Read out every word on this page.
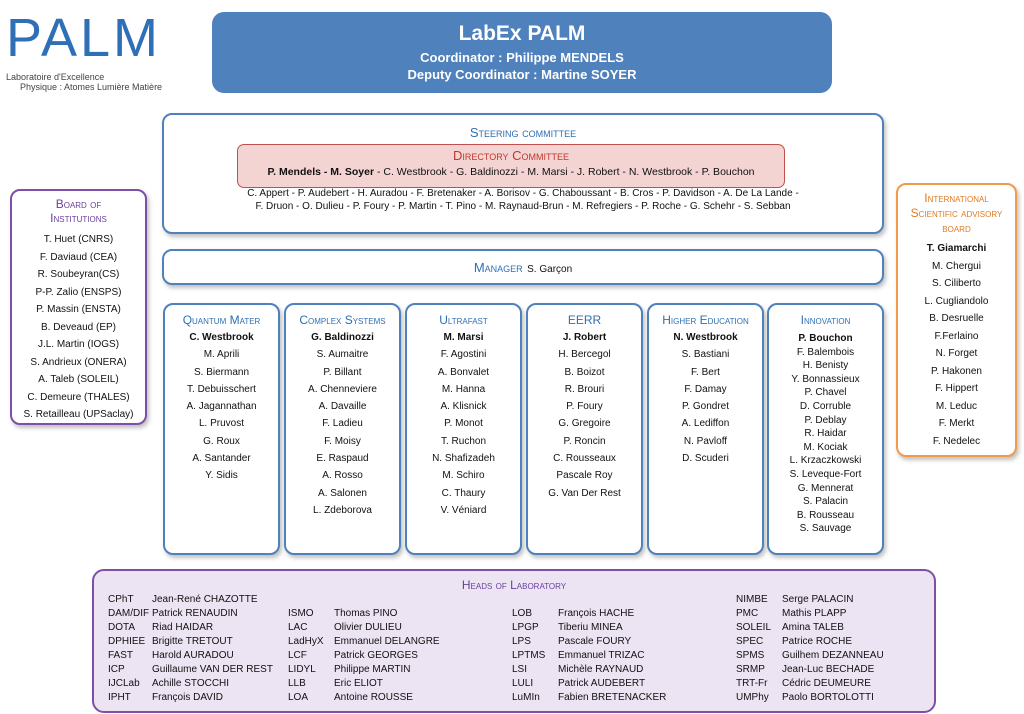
PALM
Laboratoire d'Excellence
Physique : Atomes Lumière Matière
LabEx PALM
Coordinator : Philippe MENDELS
Deputy Coordinator : Martine SOYER
Steering committee
C. Appert - P. Audebert - H. Auradou - F. Bretenaker - A. Borisov - G. Chaboussant - B. Cros - P. Davidson - A. De La Lande -
F. Druon - O. Dulieu - P. Foury - P. Martin - T. Pino - M. Raynaud-Brun - M. Refregiers - P. Roche - G. Schehr - S. Sebban
Directory Committee
P. Mendels - M. Soyer - C. Westbrook - G. Baldinozzi - M. Marsi - J. Robert - N. Westbrook - P. Bouchon
Manager S. Garçon
Board of
Institutions
T. Huet (CNRS)
F. Daviaud (CEA)
R. Soubeyran(CS)
P-P. Zalio (ENSPS)
P. Massin (ENSTA)
B. Deveaud (EP)
J.L. Martin (IOGS)
S. Andrieux (ONERA)
A. Taleb (SOLEIL)
C. Demeure (THALES)
S. Retailleau (UPSaclay)
International
Scientific advisory
board
T. Giamarchi
M. Chergui
S. Ciliberto
L. Cugliandolo
B. Desruelle
F.Ferlaino
N. Forget
P. Hakonen
F. Hippert
M. Leduc
F. Merkt
F. Nedelec
Quantum Mater
C. Westbrook
M. Aprili
S. Biermann
T. Debuisschert
A. Jagannathan
L. Pruvost
G. Roux
A. Santander
Y. Sidis
Complex Systems
G. Baldinozzi
S. Aumaitre
P. Billant
A. Chenneviere
A. Davaille
F. Ladieu
F. Moisy
E. Raspaud
A. Rosso
A. Salonen
L. Zdeborova
Ultrafast
M. Marsi
F. Agostini
A. Bonvalet
M. Hanna
A. Klisnick
P. Monot
T. Ruchon
N. Shafizadeh
M. Schiro
C. Thaury
V. Véniard
EERR
J. Robert
H. Bercegol
B. Boizot
R. Brouri
P. Foury
G. Gregoire
P. Roncin
C. Rousseaux
Pascale Roy
G. Van Der Rest
Higher Education
N. Westbrook
S. Bastiani
F. Bert
F. Damay
P. Gondret
A. Lediffon
N. Pavloff
D. Scuderi
Innovation
P. Bouchon
F. Balembois
H. Benisty
Y. Bonnassieux
P. Chavel
D. Corruble
P. Deblay
R. Haidar
M. Kociak
L. Krzaczkowski
S. Leveque-Fort
G. Mennerat
S. Palacin
B. Rousseau
S. Sauvage
Heads of Laboratory
CPhT Jean-René CHAZOTTE
DAM/DIF Patrick RENAUDIN
DOTA Riad HAIDAR
DPHIEE Brigitte TRETOUT
FAST Harold AURADOU
ICP	Guillaume VAN DER REST
IJCLab Achille STOCCHI
IPHT François DAVID
ISMO Thomas PINO
LAC	Olivier DULIEU
LadHyX Emmanuel DELANGRE
LCF	Patrick GEORGES
LIDYL Philippe MARTIN
LLB	Eric ELIOT
LOA	Antoine ROUSSE
LOB	François HACHE
LPGP Tiberiu MINEA
LPS	Pascale FOURY
LPTMS Emmanuel TRIZAC
LSI	Michèle RAYNAUD
LULI Patrick AUDEBERT
LuMIn Fabien BRETENACKER
NIMBE Serge PALACIN
PMC Mathis PLAPP
SOLEIL Amina TALEB
SPEC Patrice ROCHE
SPMS Guilhem DEZANNEAU
SRMP Jean-Luc BECHADE
TRT-Fr Cédric DEUMEURE
UMPhy Paolo BORTOLOTTI
